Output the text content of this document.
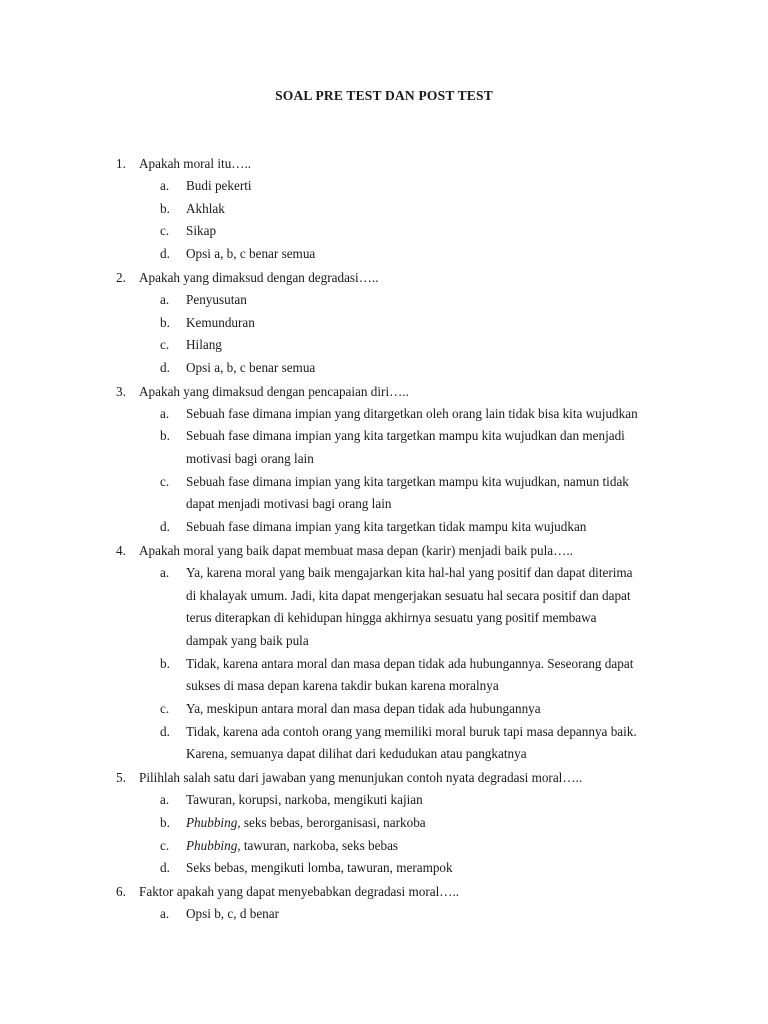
SOAL PRE TEST DAN POST TEST
1. Apakah moral itu…..
a. Budi pekerti
b. Akhlak
c. Sikap
d. Opsi a, b, c benar semua
2. Apakah yang dimaksud dengan degradasi…..
a. Penyusutan
b. Kemunduran
c. Hilang
d. Opsi a, b, c benar semua
3. Apakah yang dimaksud dengan pencapaian diri…..
a. Sebuah fase dimana impian yang ditargetkan oleh orang lain tidak bisa kita wujudkan
b. Sebuah fase dimana impian yang kita targetkan mampu kita wujudkan dan menjadi
motivasi bagi orang lain
c. Sebuah fase dimana impian yang kita targetkan mampu kita wujudkan, namun tidak
dapat menjadi motivasi bagi orang lain
d. Sebuah fase dimana impian yang kita targetkan tidak mampu kita wujudkan
4. Apakah moral yang baik dapat membuat masa depan (karir) menjadi baik pula…..
a. Ya, karena moral yang baik mengajarkan kita hal-hal yang positif dan dapat diterima
di khalayak umum. Jadi, kita dapat mengerjakan sesuatu hal secara positif dan dapat
terus diterapkan di kehidupan hingga akhirnya sesuatu yang positif membawa
dampak yang baik pula
b. Tidak, karena antara moral dan masa depan tidak ada hubungannya. Seseorang dapat
sukses di masa depan karena takdir bukan karena moralnya
c. Ya, meskipun antara moral dan masa depan tidak ada hubungannya
d. Tidak, karena ada contoh orang yang memiliki moral buruk tapi masa depannya baik.
Karena, semuanya dapat dilihat dari kedudukan atau pangkatnya
5. Pilihlah salah satu dari jawaban yang menunjukan contoh nyata degradasi moral…..
a. Tawuran, korupsi, narkoba, mengikuti kajian
b. Phubbing, seks bebas, berorganisasi, narkoba
c. Phubbing, tawuran, narkoba, seks bebas
d. Seks bebas, mengikuti lomba, tawuran, merampok
6. Faktor apakah yang dapat menyebabkan degradasi moral…..
a. Opsi b, c, d benar
